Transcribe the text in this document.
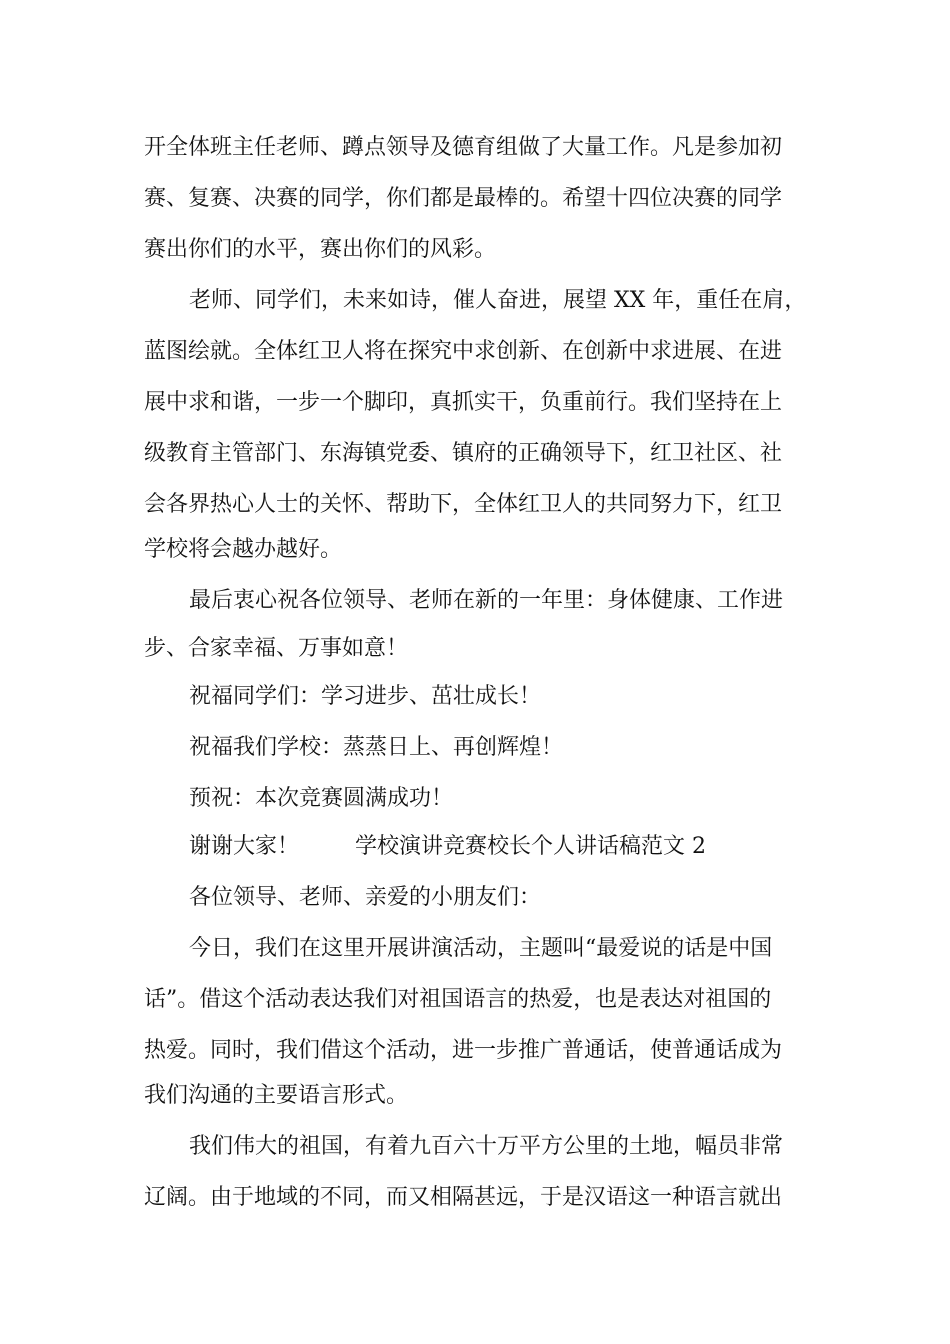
开全体班主任老师、蹲点领导及德育组做了大量工作。凡是参加初
赛、复赛、决赛的同学，你们都是最棒的。希望十四位决赛的同学
赛出你们的水平，赛出你们的风彩。
老师、同学们，未来如诗，催人奋进，展望 XX 年，重任在肩，
蓝图绘就。全体红卫人将在探究中求创新、在创新中求进展、在进
展中求和谐，一步一个脚印，真抓实干，负重前行。我们坚持在上
级教育主管部门、东海镇党委、镇府的正确领导下，红卫社区、社
会各界热心人士的关怀、帮助下，全体红卫人的共同努力下，红卫
学校将会越办越好。
最后衷心祝各位领导、老师在新的一年里：身体健康、工作进
步、合家幸福、万事如意！
祝福同学们：学习进步、茁壮成长！
祝福我们学校：蒸蒸日上、再创辉煌！
预祝：本次竞赛圆满成功！
谢谢大家！        学校演讲竞赛校长个人讲话稿范文 2
各位领导、老师、亲爱的小朋友们：
今日，我们在这里开展讲演活动，主题叫“最爱说的话是中国
话”。借这个活动表达我们对祖国语言的热爱，也是表达对祖国的
热爱。同时，我们借这个活动，进一步推广普通话，使普通话成为
我们沟通的主要语言形式。
我们伟大的祖国，有着九百六十万平方公里的土地，幅员非常
辽阔。由于地域的不同，而又相隔甚远，于是汉语这一种语言就出
